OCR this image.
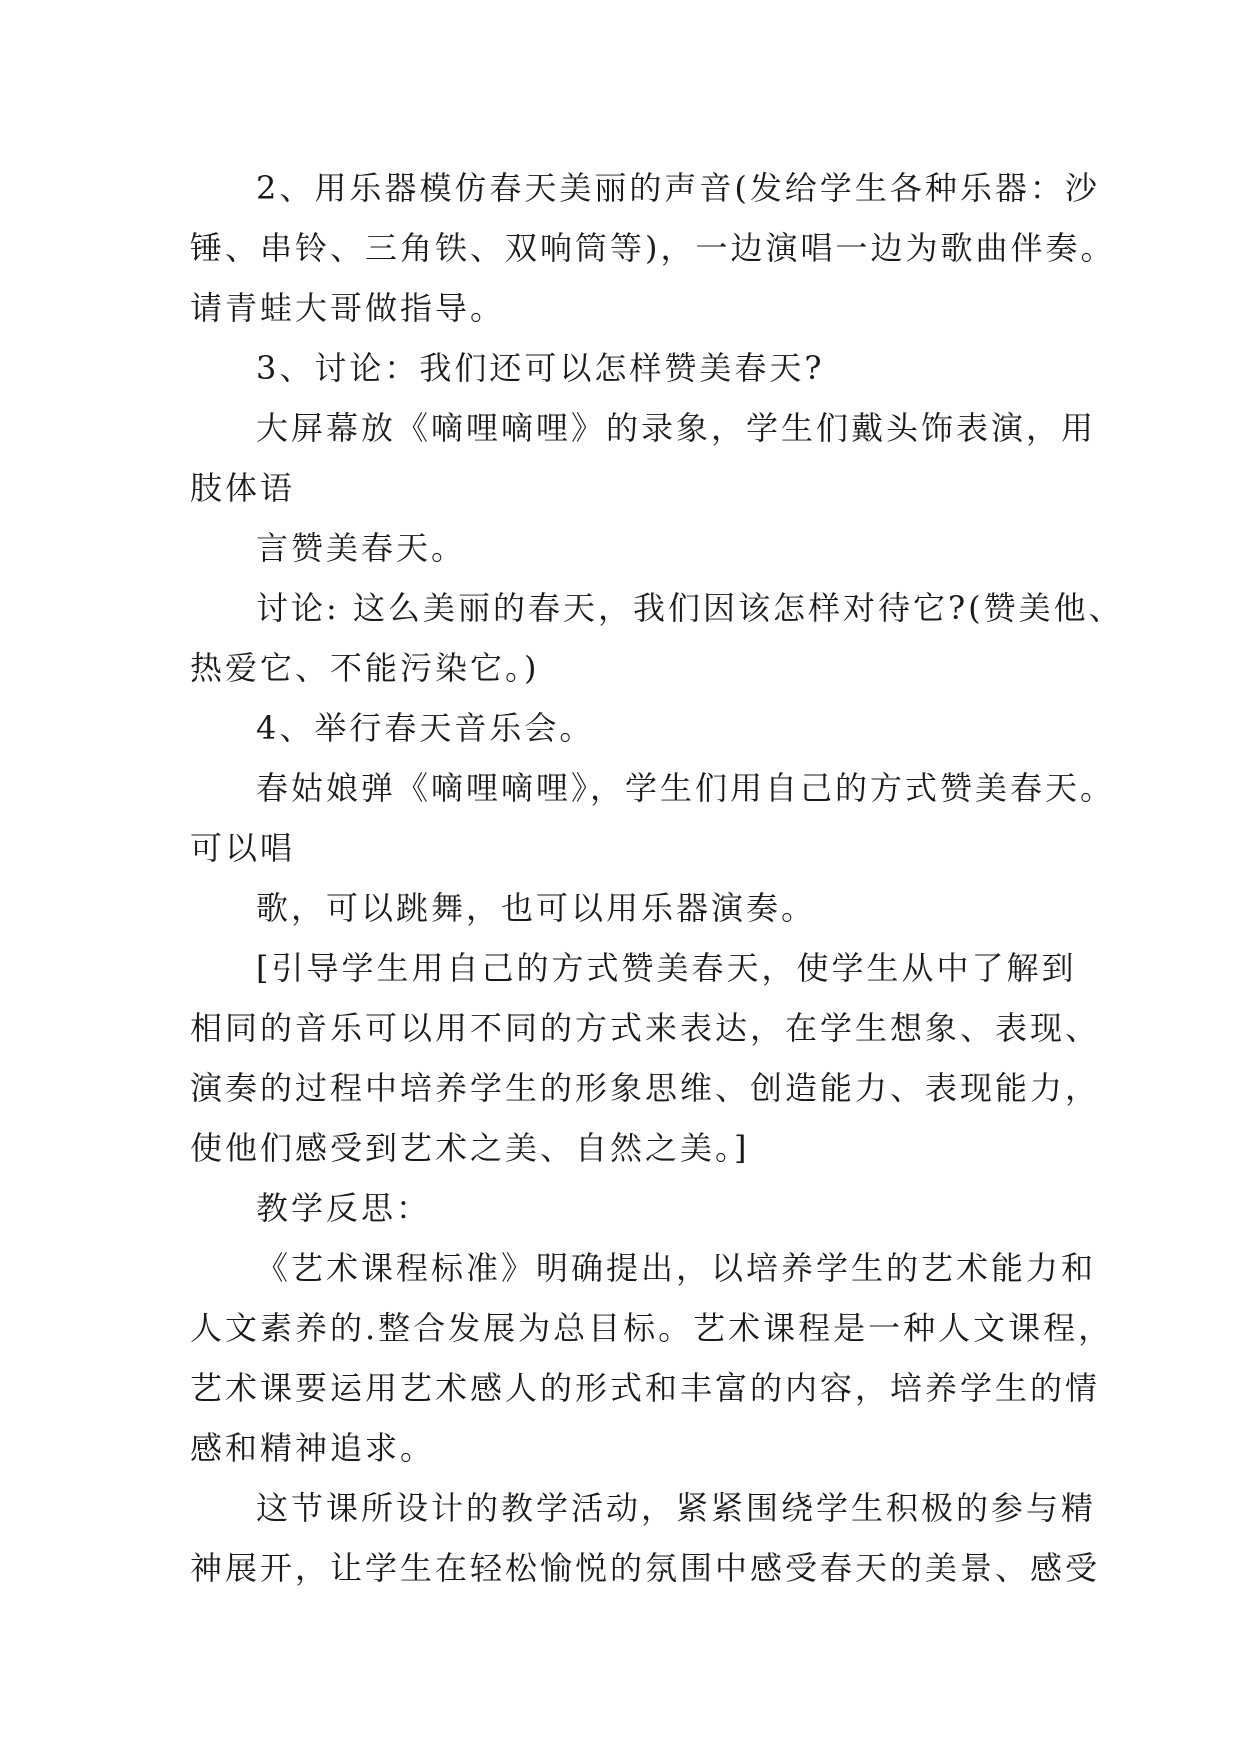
2、用乐器模仿春天美丽的声音(发给学生各种乐器：沙

锤、串铃、三角铁、双响筒等)，一边演唱一边为歌曲伴奏。

请青蛙大哥做指导。

3、讨论：我们还可以怎样赞美春天?

大屏幕放《嘀哩嘀哩》的录象，学生们戴头饰表演，用

肢体语

言赞美春天。

讨论: 这么美丽的春天，我们因该怎样对待它?(赞美他、

热爱它、不能污染它。)

4、举行春天音乐会。

春姑娘弹《嘀哩嘀哩》，学生们用自己的方式赞美春天。

可以唱

歌，可以跳舞，也可以用乐器演奏。

[引导学生用自己的方式赞美春天，使学生从中了解到

相同的音乐可以用不同的方式来表达，在学生想象、表现、

演奏的过程中培养学生的形象思维、创造能力、表现能力，

使他们感受到艺术之美、自然之美。]

教学反思：

《艺术课程标准》明确提出，以培养学生的艺术能力和

人文素养的.整合发展为总目标。艺术课程是一种人文课程，

艺术课要运用艺术感人的形式和丰富的内容，培养学生的情

感和精神追求。

这节课所设计的教学活动，紧紧围绕学生积极的参与精

神展开，让学生在轻松愉悦的氛围中感受春天的美景、感受
